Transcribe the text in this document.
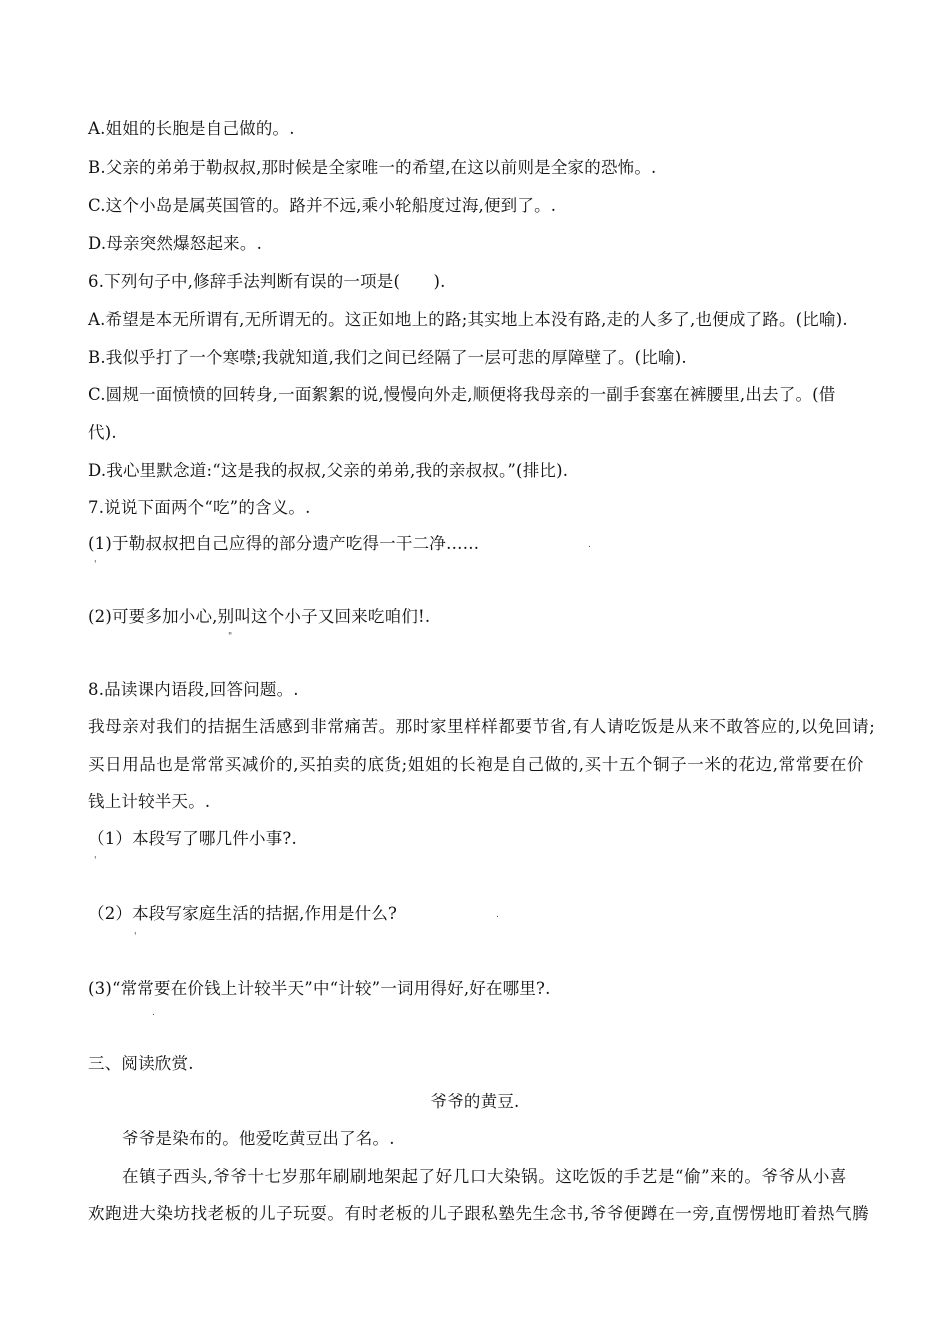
A.姐姐的长胞是自己做的。.
B.父亲的弟弟于勒叔叔,那时候是全家唯一的希望,在这以前则是全家的恐怖。.
C.这个小岛是属英国管的。路并不远,乘小轮船度过海,便到了。.
D.母亲突然爆怒起来。.
6.下列句子中,修辞手法判断有误的一项是(　　).
A.希望是本无所谓有,无所谓无的。这正如地上的路;其实地上本没有路,走的人多了,也便成了路。(比喻).
B.我似乎打了一个寒噤;我就知道,我们之间已经隔了一层可悲的厚障壁了。(比喻).
C.圆规一面愤愤的回转身,一面絮絮的说,慢慢向外走,顺便将我母亲的一副手套塞在裤腰里,出去了。(借
代).
D.我心里默念道:“这是我的叔叔,父亲的弟弟,我的亲叔叔。”(排比).
7.说说下面两个“吃”的含义。.
(1)于勒叔叔把自己应得的部分遗产吃得一干二净……	.
'
(2)可要多加小心,别叫这个小子又回来吃咱们!.
"
8.品读课内语段,回答问题。.
我母亲对我们的拮据生活感到非常痛苦。那时家里样样都要节省,有人请吃饭是从来不敢答应的,以免回请;
买日用品也是常常买减价的,买拍卖的底货;姐姐的长袍是自己做的,买十五个铜子一米的花边,常常要在价
钱上计较半天。.
（1）本段写了哪几件小事?.
'
（2）本段写家庭生活的拮据,作用是什么?	.
'
(3)“常常要在价钱上计较半天”中“计较”一词用得好,好在哪里?.
.
三、阅读欣赏.
爷爷的黄豆.
爷爷是染布的。他爱吃黄豆出了名。.
在镇子西头,爷爷十七岁那年刷刷地架起了好几口大染锅。这吃饭的手艺是“偷”来的。爷爷从小喜
欢跑进大染坊找老板的儿子玩耍。有时老板的儿子跟私塾先生念书,爷爷便蹲在一旁,直愣愣地盯着热气腾
